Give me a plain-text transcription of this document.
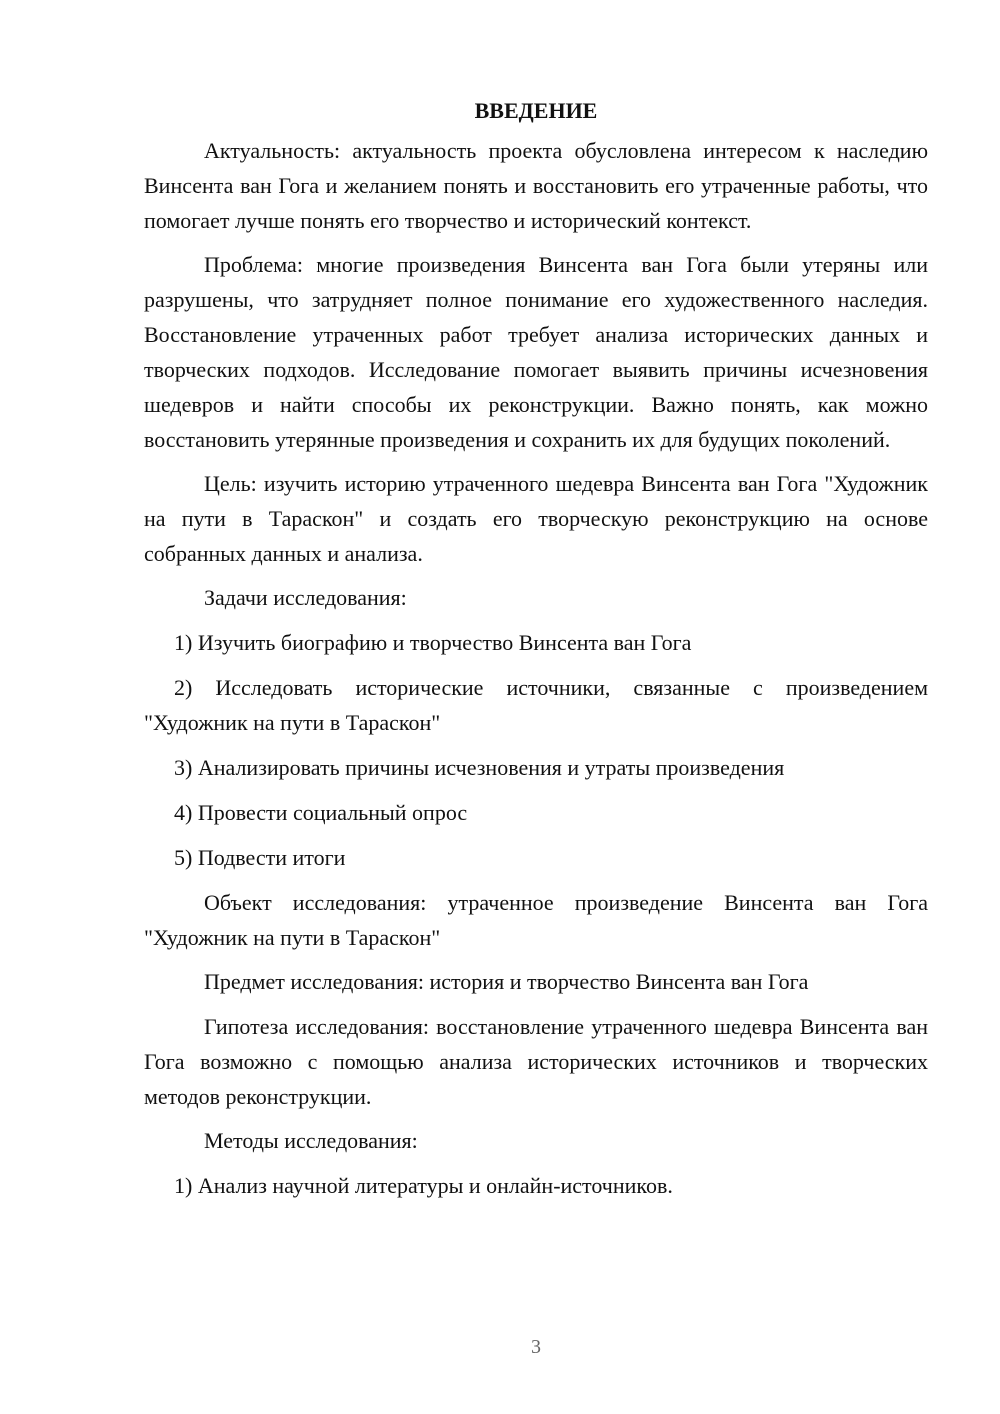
ВВЕДЕНИЕ

Актуальность: актуальность проекта обусловлена интересом к наследию Винсента ван Гога и желанием понять и восстановить его утраченные работы, что помогает лучше понять его творчество и исторический контекст.

Проблема: многие произведения Винсента ван Гога были утеряны или разрушены, что затрудняет полное понимание его художественного наследия. Восстановление утраченных работ требует анализа исторических данных и творческих подходов. Исследование помогает выявить причины исчезновения шедевров и найти способы их реконструкции. Важно понять, как можно восстановить утерянные произведения и сохранить их для будущих поколений.

Цель: изучить историю утраченного шедевра Винсента ван Гога "Художник на пути в Тараскон" и создать его творческую реконструкцию на основе собранных данных и анализа.

Задачи исследования:

1) Изучить биографию и творчество Винсента ван Гога

2) Исследовать исторические источники, связанные с произведением "Художник на пути в Тараскон"

3) Анализировать причины исчезновения и утраты произведения

4) Провести социальный опрос

5) Подвести итоги

Объект исследования: утраченное произведение Винсента ван Гога "Художник на пути в Тараскон"

Предмет исследования: история и творчество Винсента ван Гога

Гипотеза исследования: восстановление утраченного шедевра Винсента ван Гога возможно с помощью анализа исторических источников и творческих методов реконструкции.

Методы исследования:

1) Анализ научной литературы и онлайн-источников.

3
